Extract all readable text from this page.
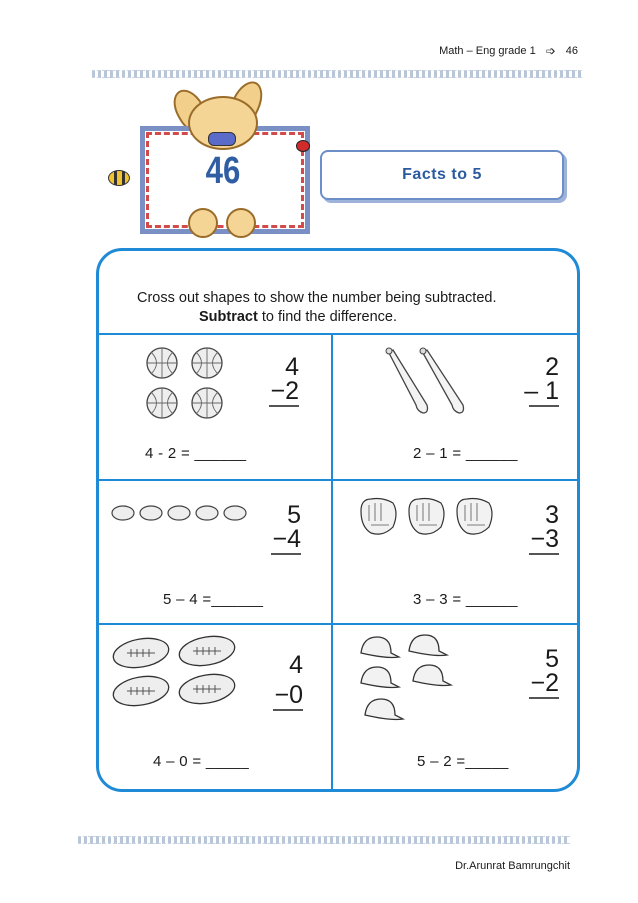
Math – Eng grade 1 ➩ 46
46	Facts to 5
Cross out shapes to show the number being subtracted.
Subtract to find the difference.
4
−2
4 - 2 = ______
2
– 1
2 – 1 = ______
5
−4
5 – 4 =______
3
−3
3 – 3 = ______
4
−0
4 – 0 = _____
5
−2
5 – 2 =_____
Dr.Arunrat Bamrungchit
